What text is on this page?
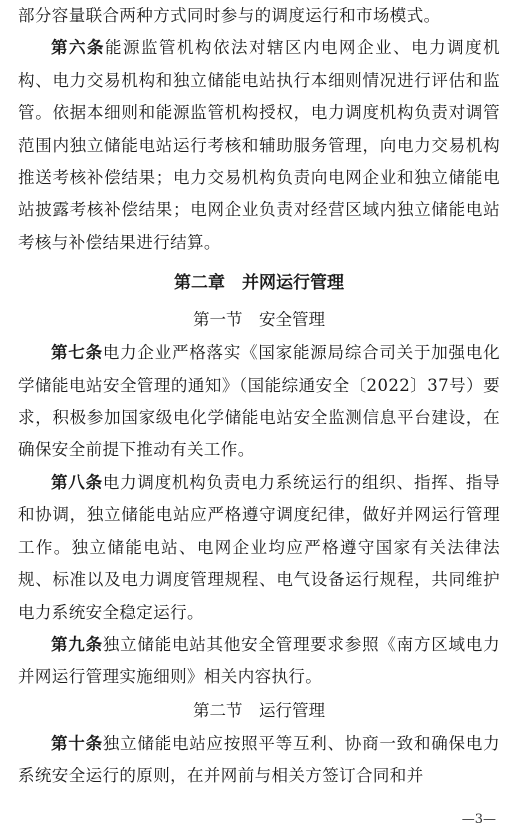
部分容量联合两种方式同时参与的调度运行和市场模式。

第六条能源监管机构依法对辖区内电网企业、电力调度机构、电力交易机构和独立储能电站执行本细则情况进行评估和监管。依据本细则和能源监管机构授权，电力调度机构负责对调管范围内独立储能电站运行考核和辅助服务管理，向电力交易机构推送考核补偿结果；电力交易机构负责向电网企业和独立储能电站披露考核补偿结果；电网企业负责对经营区域内独立储能电站考核与补偿结果进行结算。

第二章　并网运行管理
第一节　安全管理

第七条电力企业严格落实《国家能源局综合司关于加强电化学储能电站安全管理的通知》（国能综通安全〔2022〕37号）要求，积极参加国家级电化学储能电站安全监测信息平台建设，在确保安全前提下推动有关工作。

第八条电力调度机构负责电力系统运行的组织、指挥、指导和协调，独立储能电站应严格遵守调度纪律，做好并网运行管理工作。独立储能电站、电网企业均应严格遵守国家有关法律法规、标准以及电力调度管理规程、电气设备运行规程，共同维护电力系统安全稳定运行。

第九条独立储能电站其他安全管理要求参照《南方区域电力并网运行管理实施细则》相关内容执行。

第二节　运行管理

第十条独立储能电站应按照平等互利、协商一致和确保电力系统安全运行的原则，在并网前与相关方签订合同和并

—3—
